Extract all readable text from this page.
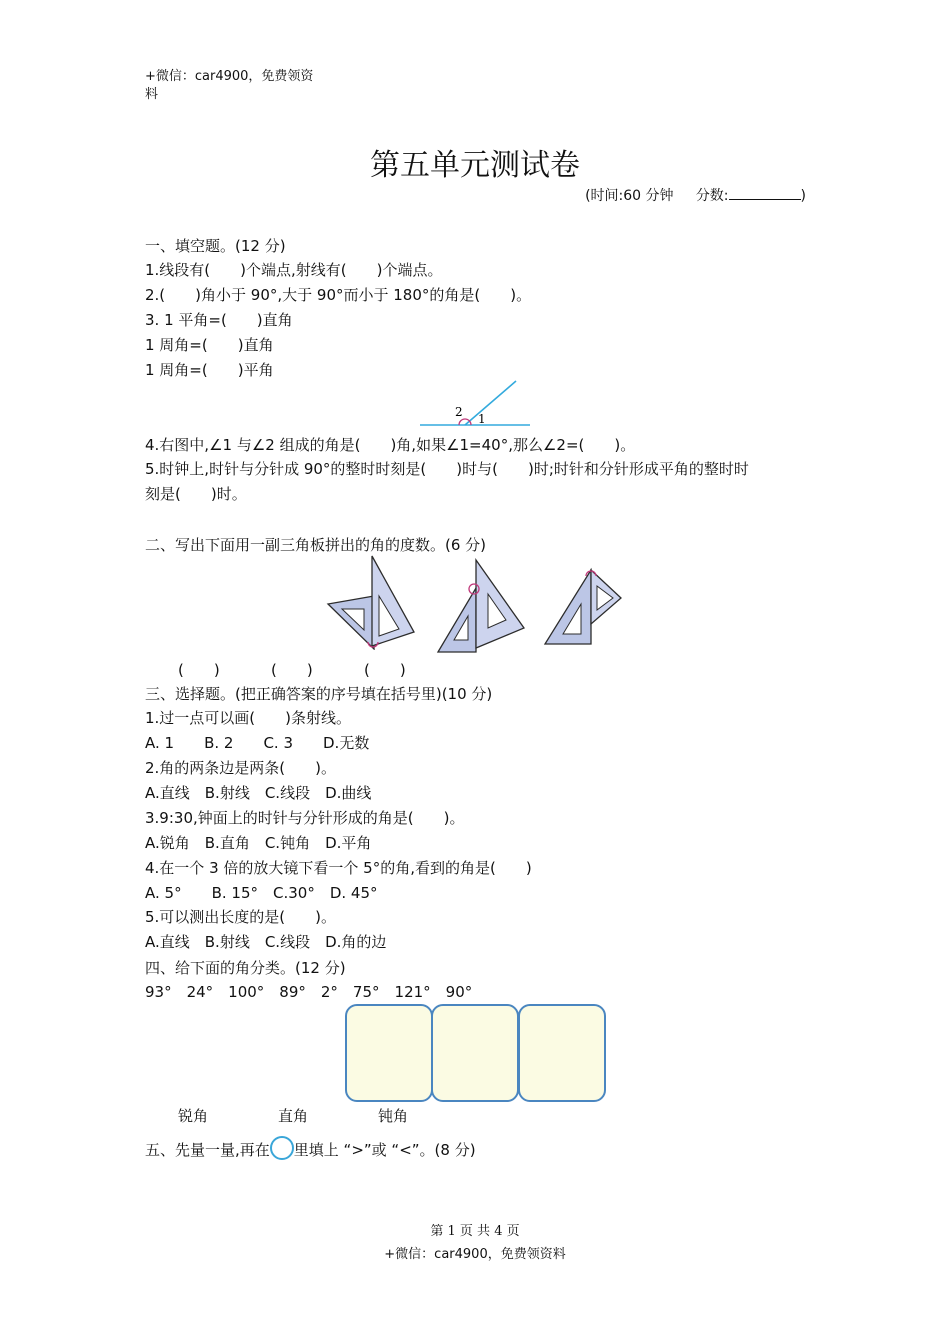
+微信：car4900，免费领资
料
第五单元测试卷
(时间:60 分钟 分数:	)
一、填空题。(12 分)
1.线段有(　　)个端点,射线有(　　)个端点。
2.(　　)角小于 90°,大于 90°而小于 180°的角是(　　)。
3. 1 平角=(　　)直角
1 周角=(　　)直角
1 周角=(　　)平角
2 1
4.右图中,∠1 与∠2 组成的角是(　　)角,如果∠1=40°,那么∠2=(　　)。
5.时钟上,时针与分针成 90°的整时时刻是(　　)时与(　　)时;时针和分针形成平角的整时时
刻是(　　)时。
二、写出下面用一副三角板拼出的角的度数。(6 分)
(　　)	(　　)	(　　)
三、选择题。(把正确答案的序号填在括号里)(10 分)
1.过一点可以画(　　)条射线。
A. 1　　B. 2　　C. 3　　D.无数
2.角的两条边是两条(　　)。
A.直线　B.射线　C.线段　D.曲线
3.9:30,钟面上的时针与分针形成的角是(　　)。
A.锐角　B.直角　C.钝角　D.平角
4.在一个 3 倍的放大镜下看一个 5°的角,看到的角是(　　)
A. 5°　　B. 15°　C.30°　D. 45°
5.可以测出长度的是(　　)。
A.直线　B.射线　C.线段　D.角的边
四、给下面的角分类。(12 分)
93°　24°　100°　89°　2°　75°　121°　90°
锐角	直角	钝角
五、先量一量,再在 里填上 “>”或 “<”。(8 分)
第 1 页 共 4 页
+微信：car4900，免费领资料
